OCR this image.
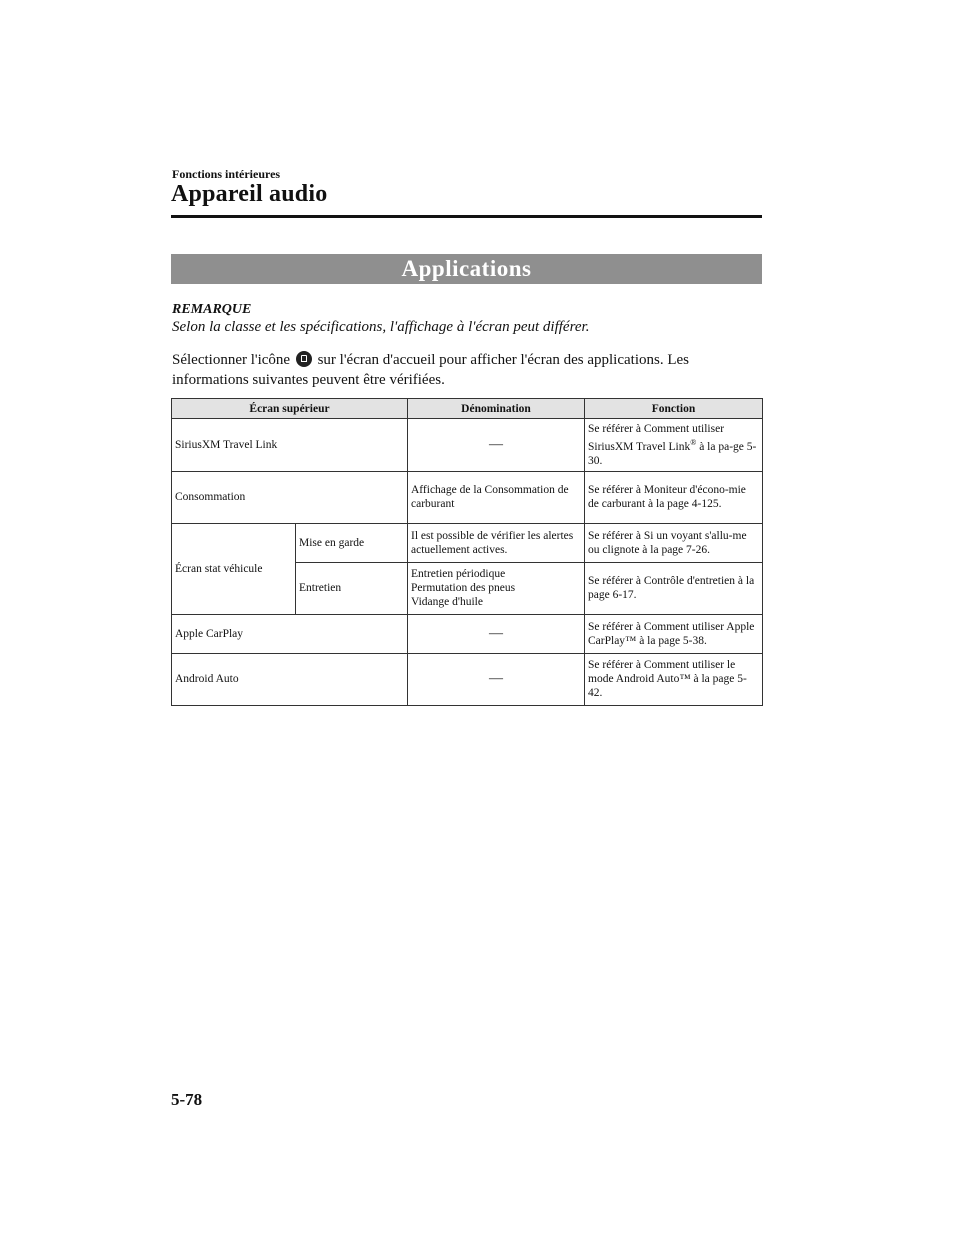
Fonctions intérieures
Appareil audio
Applications
REMARQUE
Selon la classe et les spécifications, l'affichage à l'écran peut différer.
Sélectionner l'icône sur l'écran d'accueil pour afficher l'écran des applications. Les informations suivantes peuvent être vérifiées.
Écran supérieur		Dénomination	Fonction
SiriusXM Travel Link		—	Se référer à Comment utiliser SiriusXM Travel Link® à la pa-ge 5-30.
Consommation		Affichage de la Consommation de carburant	Se référer à Moniteur d'écono-mie de carburant à la page 4-125.
Écran stat véhicule	Mise en garde	Il est possible de vérifier les alertes actuellement actives.	Se référer à Si un voyant s'allu-me ou clignote à la page 7-26.
	Entretien	Entretien périodique
Permutation des pneus
Vidange d'huile	Se référer à Contrôle d'entretien à la page 6-17.
Apple CarPlay		—	Se référer à Comment utiliser Apple CarPlay™ à la page 5-38.
Android Auto		—	Se référer à Comment utiliser le mode Android Auto™ à la page 5-42.
5-78
